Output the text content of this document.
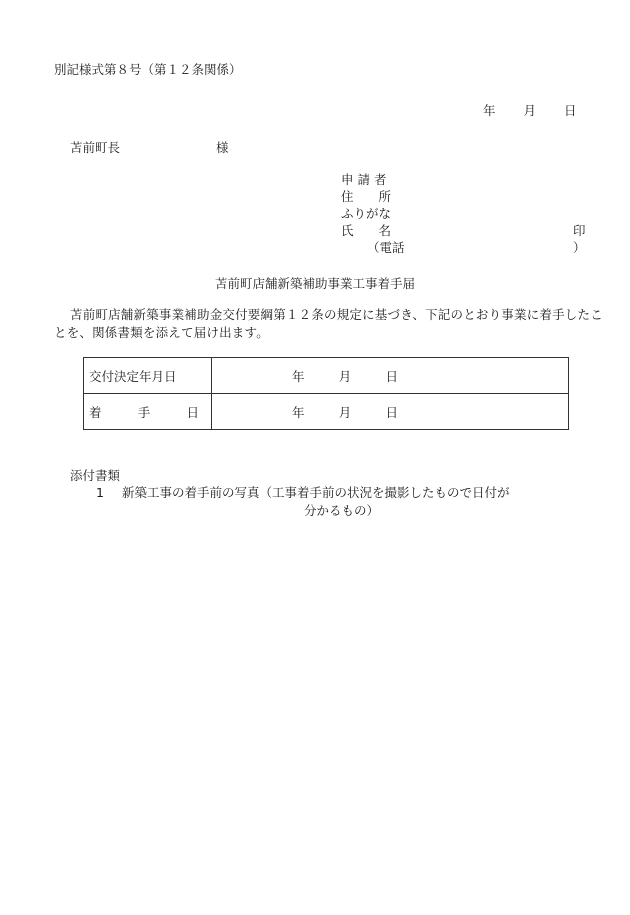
別記様式第８号（第１２条関係）
年 月 日
苫前町長	様
申 請 者
住　　所
ふりがな
氏　　名	印
（電話	）
苫前町店舗新築補助事業工事着手届
苫前町店舗新築事業補助金交付要綱第１２条の規定に基づき、下記のとおり事業に着手したことを、関係書類を添えて届け出ます。
交付決定年月日	年 月 日

着 手 日	年 月 日
添付書類
1 新築工事の着手前の写真（工事着手前の状況を撮影したもので日付が
分かるもの）
